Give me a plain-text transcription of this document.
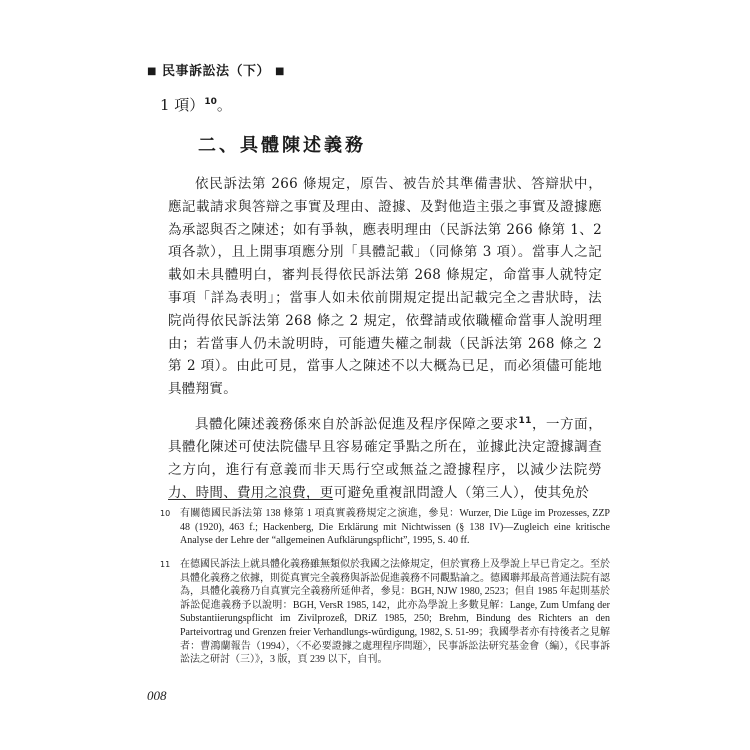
■ 民事訴訟法（下） ■
1 項）$^{10}$。
二、具體陳述義務

依民訴法第 266 條規定，原告、被告於其準備書狀、答辯狀中，應記載請求與答辯之事實及理由、證據、及對他造主張之事實及證據應為承認與否之陳述；如有爭執，應表明理由（民訴法第 266 條第 1、2 項各款），且上開事項應分別「具體記載」（同條第 3 項）。當事人之記載如未具體明白，審判長得依民訴法第 268 條規定，命當事人就特定事項「詳為表明」；當事人如未依前開規定提出記載完全之書狀時，法院尚得依民訴法第 268 條之 2 規定，依聲請或依職權命當事人說明理由；若當事人仍未說明時，可能遭失權之制裁（民訴法第 268 條之 2 第 2 項）。由此可見，當事人之陳述不以大概為已足，而必須儘可能地具體翔實。

具體化陳述義務係來自於訴訟促進及程序保障之要求$^{11}$，一方面，具體化陳述可使法院儘早且容易確定爭點之所在，並據此決定證據調查之方向，進行有意義而非天馬行空或無益之證據程序，以減少法院勞力、時間、費用之浪費，更可避免重複訊問證人（第三人），使其免於

10 有關德國民訴法第 138 條第 1 項真實義務規定之演進，參見：Wurzer, Die Lüge im Prozesses, ZZP 48 (1920), 463 f.; Hackenberg, Die Erklärung mit Nichtwissen (§ 138 IV)—Zugleich eine kritische Analyse der Lehre der “allgemeinen Aufklärungspflicht”, 1995, S. 40 ff.
11 在德國民訴法上就具體化義務雖無類似於我國之法條規定，但於實務上及學說上早已肯定之。至於具體化義務之依據，則從真實完全義務與訴訟促進義務不同觀點論之。德國聯邦最高普通法院有認為，具體化義務乃自真實完全義務所延伸者，參見：BGH, NJW 1980, 2523；但自 1985 年起則基於訴訟促進義務予以說明：BGH, VersR 1985, 142，此亦為學說上多數見解：Lange, Zum Umfang der Substantiierungspflicht im Zivilprozeß, DRiZ 1985, 250; Brehm, Bindung des Richters an den Parteivortrag und Grenzen freier Verhandlungs-würdigung, 1982, S. 51-99；我國學者亦有持後者之見解者：曹鴻蘭報告（1994），〈不必要證據之處理程序問題〉，民事訴訟法研究基金會（編），《民事訴訟法之研討（三）》，3 版，頁 239 以下，自刊。
008
